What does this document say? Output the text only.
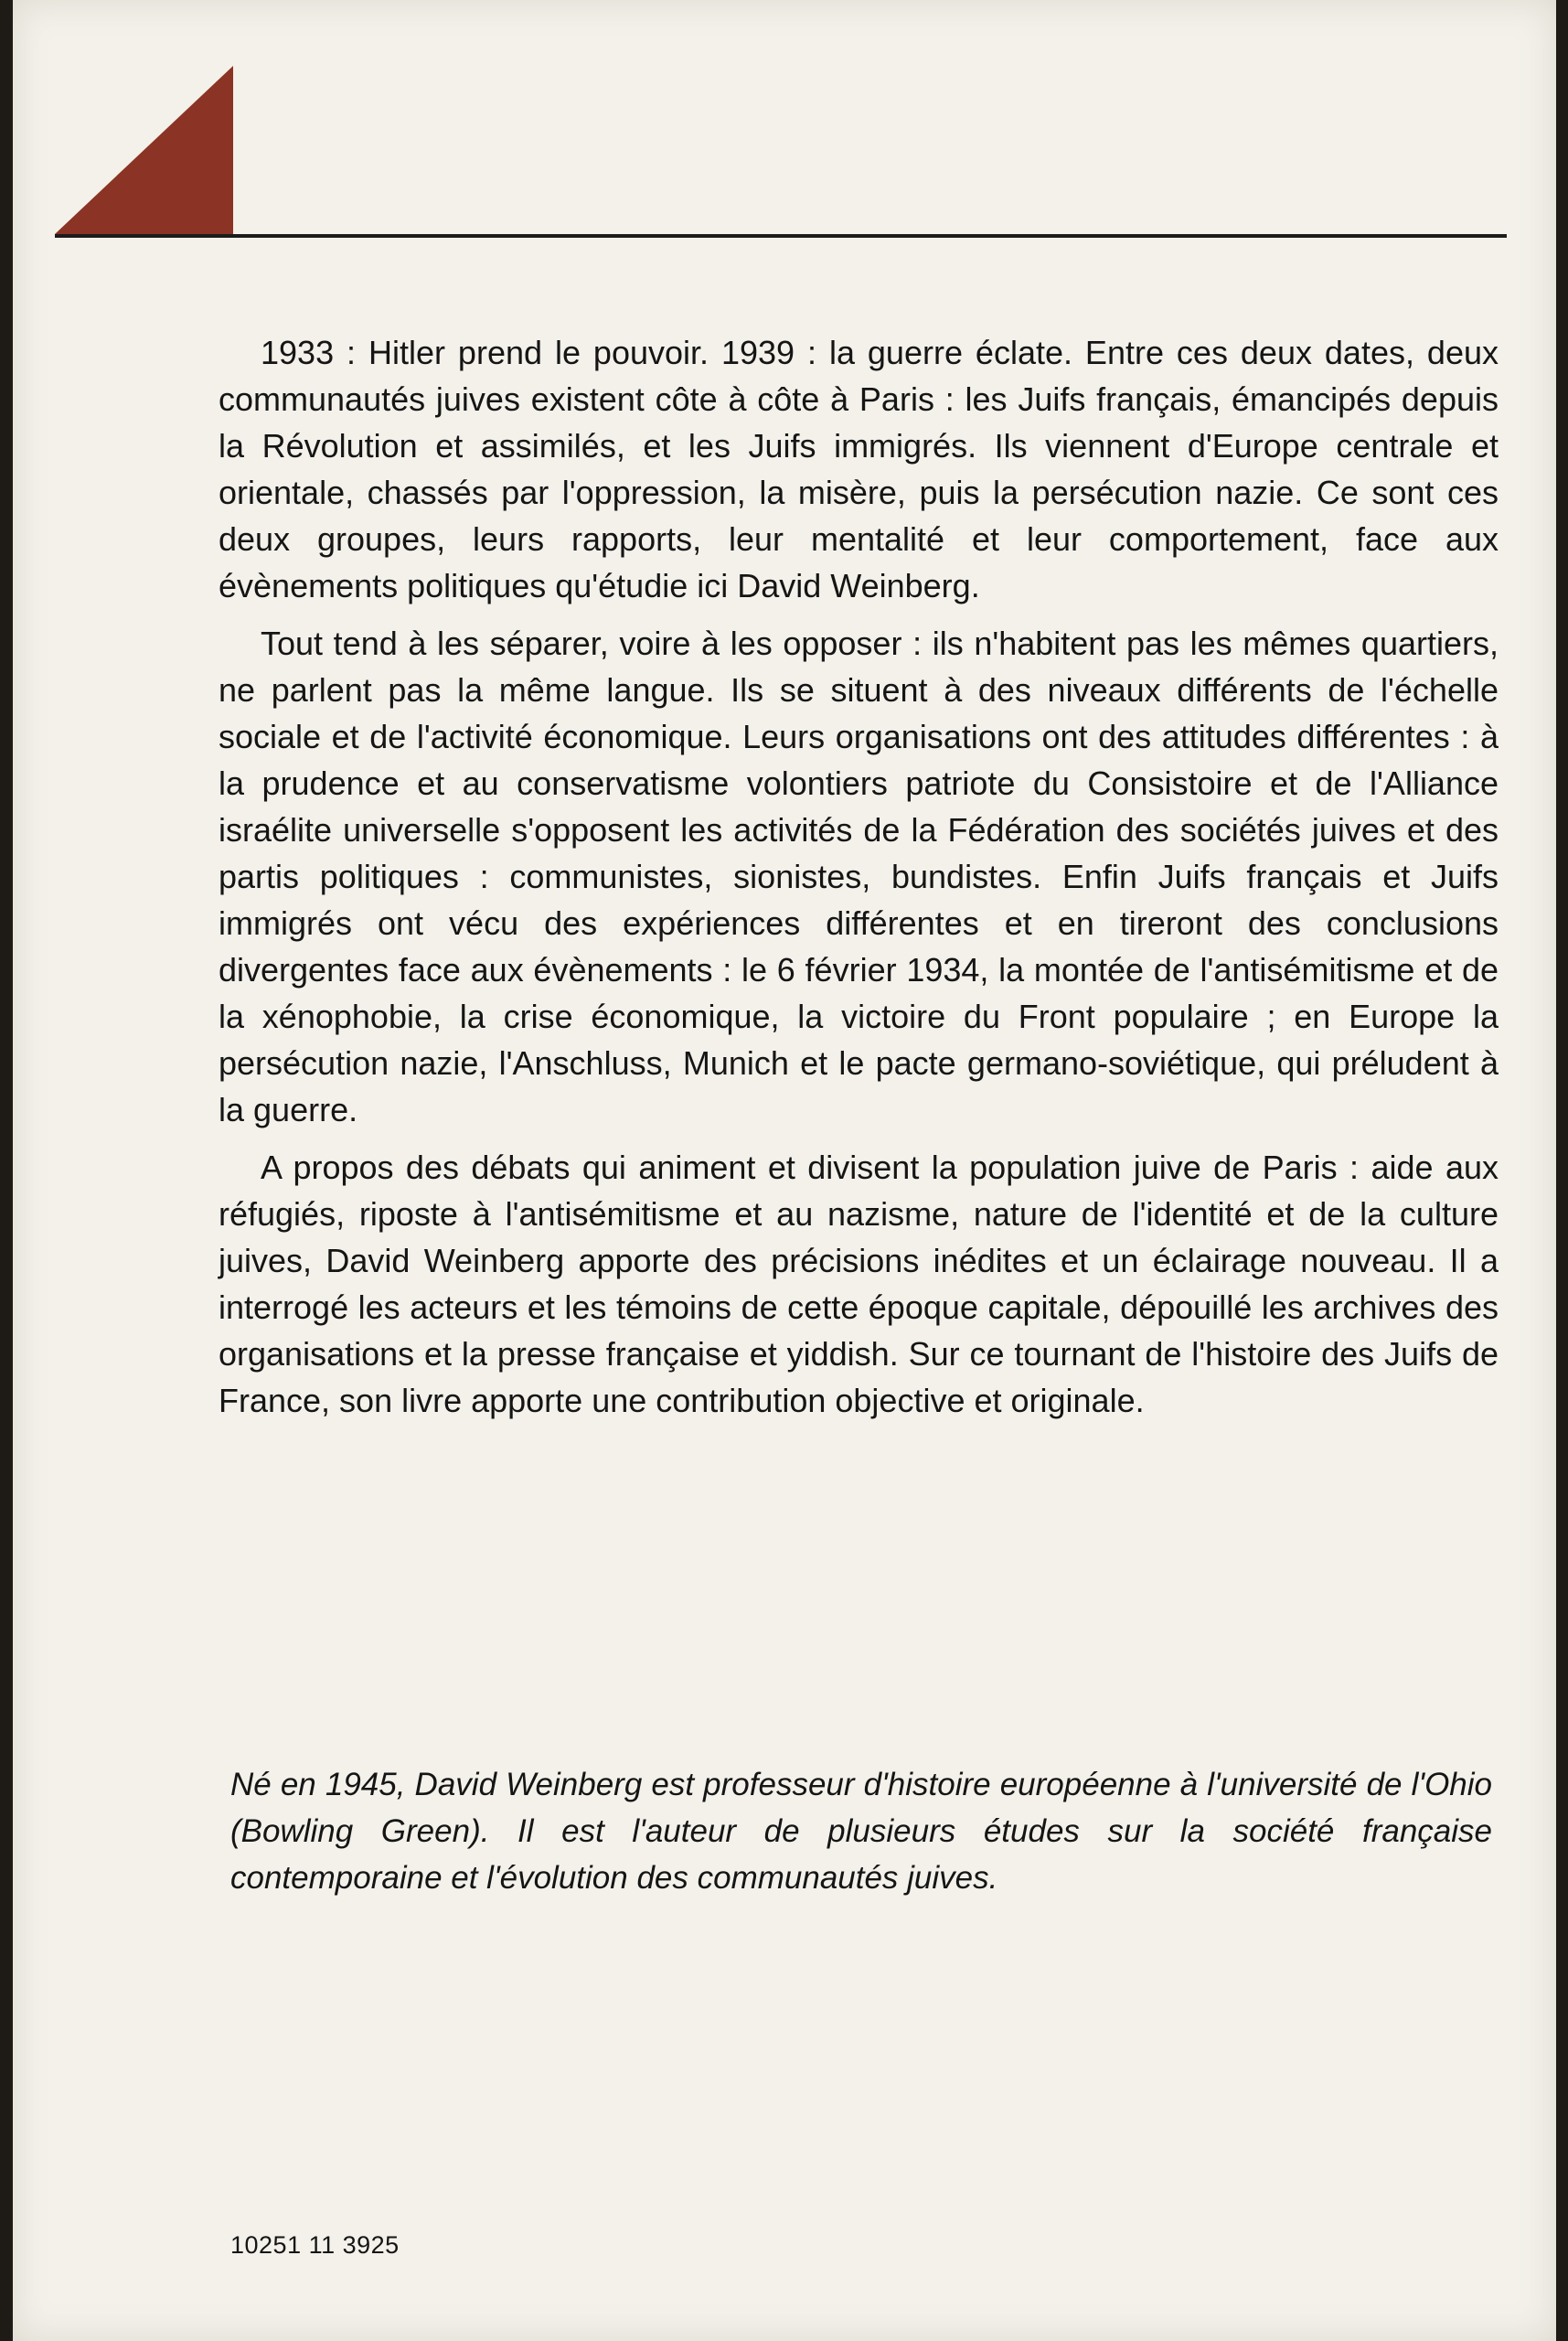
1933 : Hitler prend le pouvoir. 1939 : la guerre éclate. Entre ces deux dates, deux communautés juives existent côte à côte à Paris : les Juifs français, émancipés depuis la Révolution et assimilés, et les Juifs immigrés. Ils viennent d'Europe centrale et orientale, chassés par l'oppression, la misère, puis la persécution nazie. Ce sont ces deux groupes, leurs rapports, leur mentalité et leur comportement, face aux évènements politiques qu'étudie ici David Weinberg.

Tout tend à les séparer, voire à les opposer : ils n'habitent pas les mêmes quartiers, ne parlent pas la même langue. Ils se situent à des niveaux différents de l'échelle sociale et de l'activité économique. Leurs organisations ont des attitudes différentes : à la prudence et au conservatisme volontiers patriote du Consistoire et de l'Alliance israélite universelle s'opposent les activités de la Fédération des sociétés juives et des partis politiques : communistes, sionistes, bundistes. Enfin Juifs français et Juifs immigrés ont vécu des expériences différentes et en tireront des conclusions divergentes face aux évènements : le 6 février 1934, la montée de l'antisémitisme et de la xénophobie, la crise économique, la victoire du Front populaire ; en Europe la persécution nazie, l'Anschluss, Munich et le pacte germano-soviétique, qui préludent à la guerre.

A propos des débats qui animent et divisent la population juive de Paris : aide aux réfugiés, riposte à l'antisémitisme et au nazisme, nature de l'identité et de la culture juives, David Weinberg apporte des précisions inédites et un éclairage nouveau. Il a interrogé les acteurs et les témoins de cette époque capitale, dépouillé les archives des organisations et la presse française et yiddish. Sur ce tournant de l'histoire des Juifs de France, son livre apporte une contribution objective et originale.

Né en 1945, David Weinberg est professeur d'histoire européenne à l'université de l'Ohio (Bowling Green). Il est l'auteur de plusieurs études sur la société française contemporaine et l'évolution des communautés juives.

10251 11 3925
